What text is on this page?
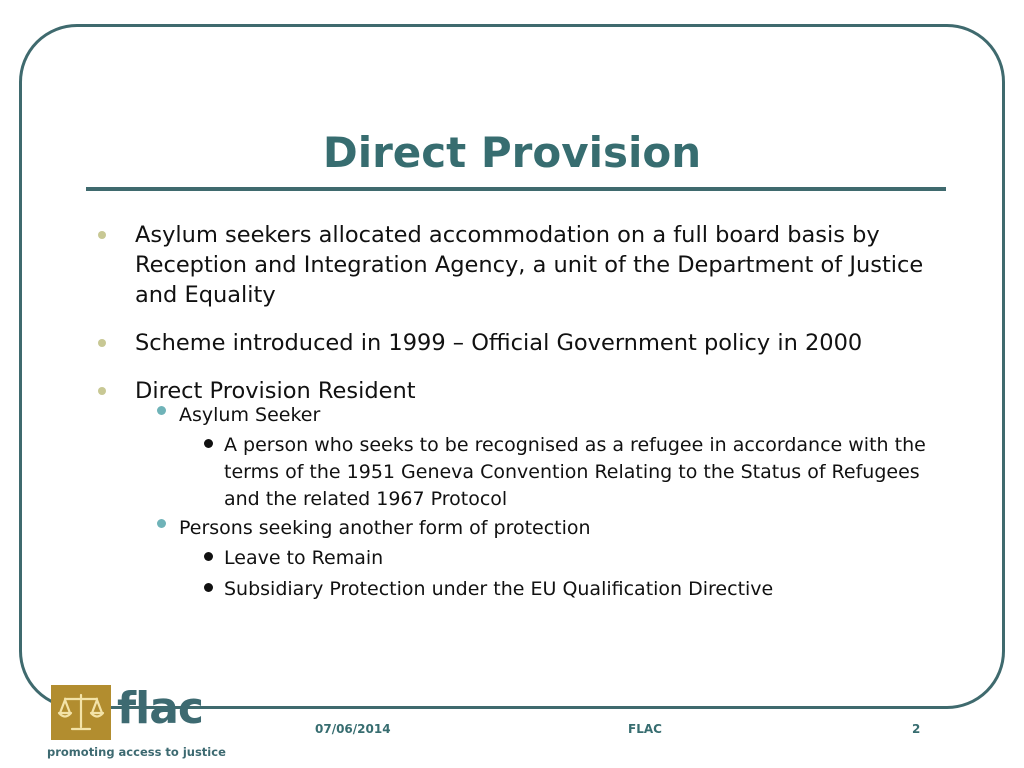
Direct Provision
Asylum seekers allocated accommodation on a full board basis by Reception and Integration Agency, a unit of the Department of Justice and Equality
Scheme introduced in 1999 – Official Government policy in 2000
Direct Provision Resident
Asylum Seeker
A person who seeks to be recognised as a refugee in accordance with the terms of the 1951 Geneva Convention Relating to the Status of Refugees and the related 1967 Protocol
Persons seeking another form of protection
Leave to Remain
Subsidiary Protection under the EU Qualification Directive
flac
promoting access to justice
07/06/2014	FLAC	2
